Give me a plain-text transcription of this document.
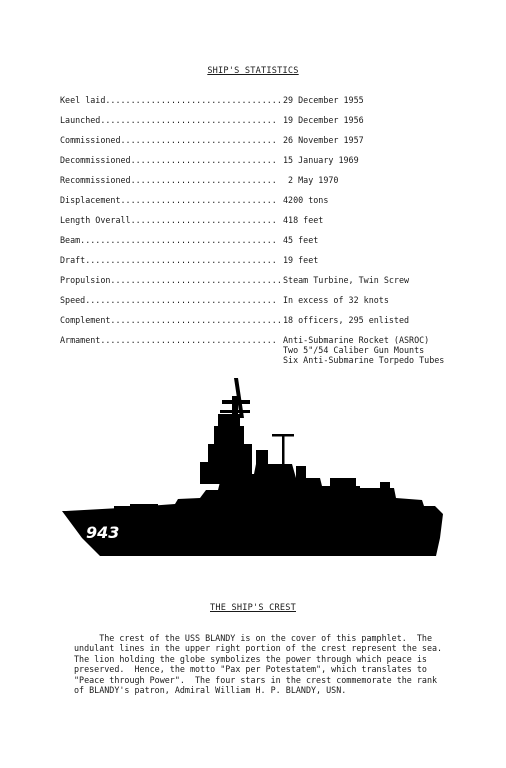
SHIP'S STATISTICS
Keel laid................................... 29 December 1955
Launched................................... 19 December 1956
Commissioned............................... 26 November 1957
Decommissioned............................. 15 January 1969
Recommissioned............................. 2 May 1970
Displacement............................... 4200 tons
Length Overall............................. 418 feet
Beam....................................... 45 feet
Draft...................................... 19 feet
Propulsion.................................. Steam Turbine, Twin Screw
Speed...................................... In excess of 32 knots
Complement.................................. 18 officers, 295 enlisted
Armament................................... Anti-Submarine Rocket (ASROC)
Two 5"/54 Caliber Gun Mounts
Six Anti-Submarine Torpedo Tubes
943
THE SHIP'S CREST
The crest of the USS BLANDY is on the cover of this pamphlet.  The
undulant lines in the upper right portion of the crest represent the sea.
The lion holding the globe symbolizes the power through which peace is
preserved.  Hence, the motto "Pax per Potestatem", which translates to
"Peace through Power".  The four stars in the crest commemorate the rank
of BLANDY's patron, Admiral William H. P. BLANDY, USN.
